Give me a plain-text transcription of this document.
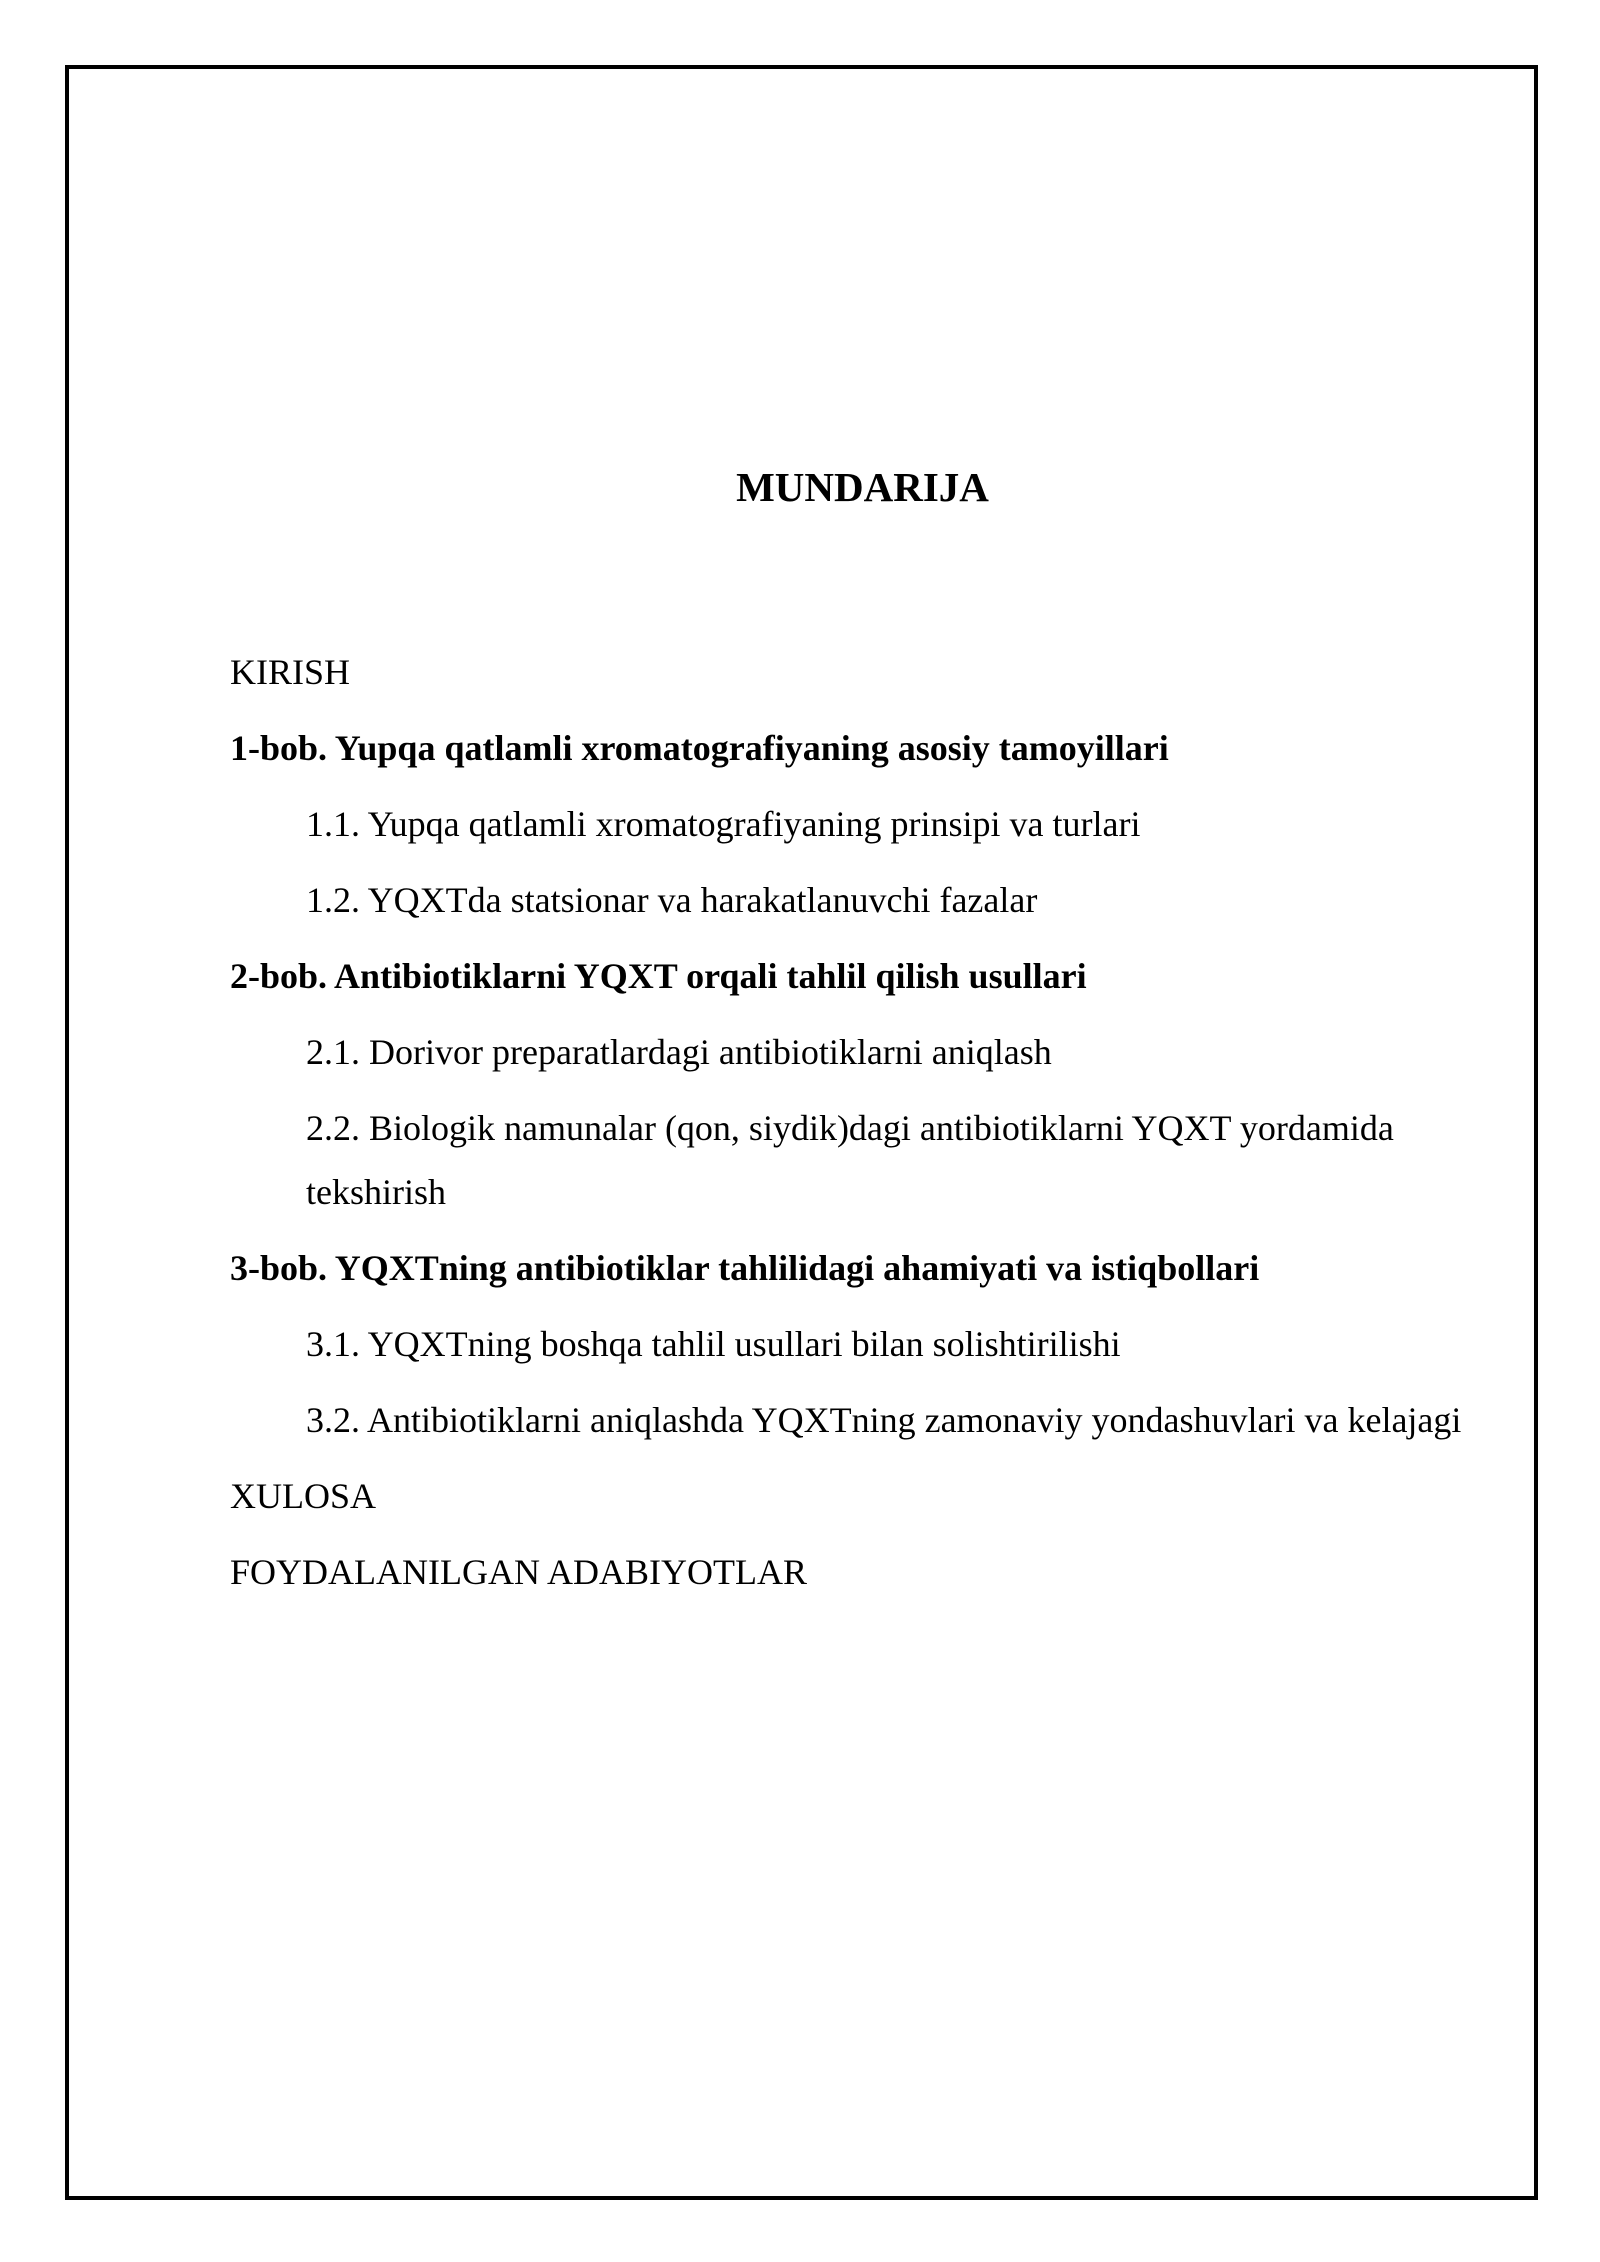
MUNDARIJA
KIRISH
1-bob. Yupqa qatlamli xromatografiyaning asosiy tamoyillari
1.1. Yupqa qatlamli xromatografiyaning prinsipi va turlari
1.2. YQXTda statsionar va harakatlanuvchi fazalar
2-bob. Antibiotiklarni YQXT orqali tahlil qilish usullari
2.1. Dorivor preparatlardagi antibiotiklarni aniqlash
2.2. Biologik namunalar (qon, siydik)dagi antibiotiklarni YQXT yordamida tekshirish
3-bob. YQXTning antibiotiklar tahlilidagi ahamiyati va istiqbollari
3.1. YQXTning boshqa tahlil usullari bilan solishtirilishi
3.2. Antibiotiklarni aniqlashda YQXTning zamonaviy yondashuvlari va kelajagi
XULOSA
FOYDALANILGAN ADABIYOTLAR
